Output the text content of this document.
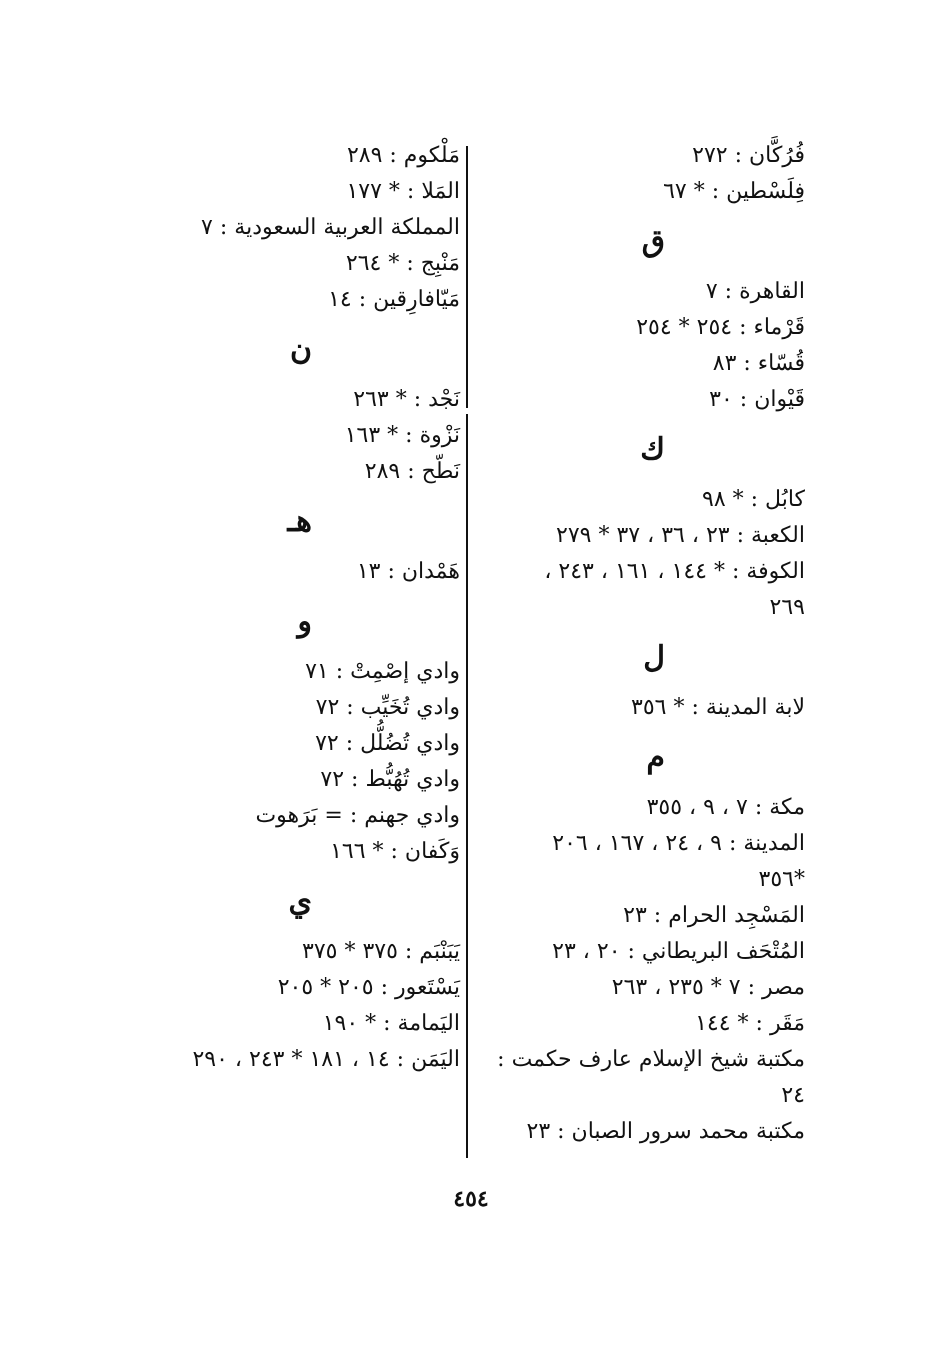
فُرُكَّان : ٢٧٢
فِلَسْطين : * ٦٧
ق
القاهرة : ٧
قَرْماء : ٢٥٤ * ٢٥٤
قُسّاء : ٨٣
قَيْوان : ٣٠
ك
كابُل : * ٩٨
الكعبة : ٢٣ ، ٣٦ ، ٣٧ * ٢٧٩
الكوفة : * ١٤٤ ، ١٦١ ، ٢٤٣ ،
٢٦٩
ل
لابة المدينة : * ٣٥٦
م
مكة : ٧ ، ٩ ، ٣٥٥
المدينة : ٩ ، ٢٤ ، ١٦٧ ، ٢٠٦
*٣٥٦
المَسْجِد الحرام : ٢٣
المُتْحَف البريطاني : ٢٠ ، ٢٣
مصر : ٧ * ٢٣٥ ، ٢٦٣
مَقَر : * ١٤٤
مكتبة شيخ الإسلام عارف حكمت :
٢٤
مكتبة محمد سرور الصبان : ٢٣
مَلْكوم : ٢٨٩
المَلا : * ١٧٧
المملكة العربية السعودية : ٧
مَنْبِج : * ٢٦٤
مَيّافارِقين : ١٤
ن
نَجْد : * ٢٦٣
نَزْوة : * ١٦٣
نَطّح : ٢٨٩
هـ
هَمْدان : ١٣
و
وادي إصْمِتْ : ٧١
وادي تُخَيِّب : ٧٢
وادي تُضُلُّل : ٧٢
وادي تُهُبُّط : ٧٢
وادي جهنم : = بَرَهوت
وَكَفان : * ١٦٦
ي
يَبَنْبَم : ٣٧٥ * ٣٧٥
يَسْتَعور : ٢٠٥ * ٢٠٥
اليَمامة : * ١٩٠
اليَمَن : ١٤ ، ١٨١ * ٢٤٣ ، ٢٩٠
٤٥٤
